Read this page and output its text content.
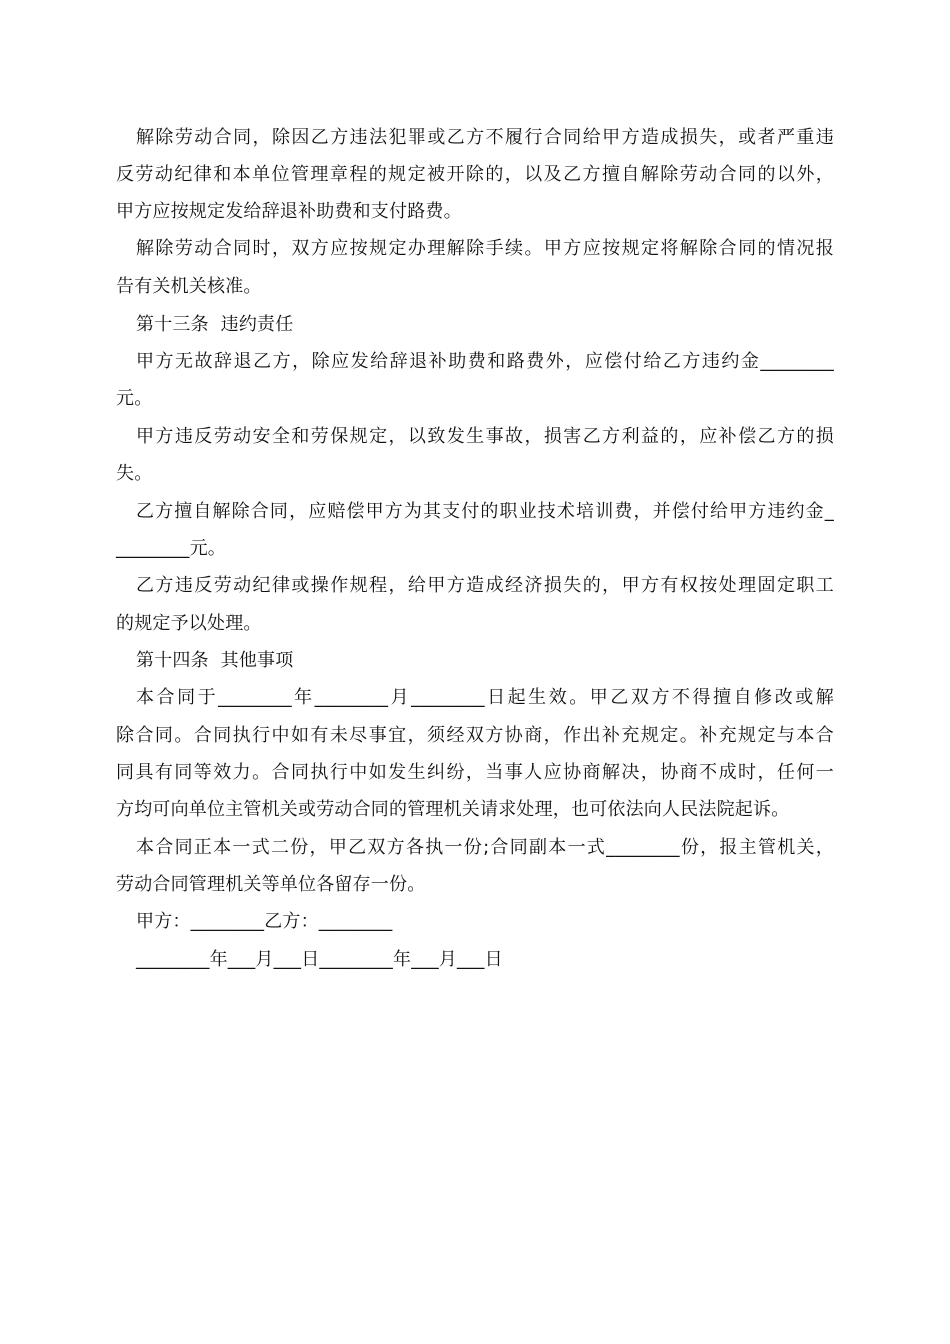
解除劳动合同，除因乙方违法犯罪或乙方不履行合同给甲方造成损失，或者严重违
反劳动纪律和本单位管理章程的规定被开除的，以及乙方擅自解除劳动合同的以外，
甲方应按规定发给辞退补助费和支付路费。
解除劳动合同时，双方应按规定办理解除手续。甲方应按规定将解除合同的情况报
告有关机关核准。
第十三条  违约责任
甲方无故辞退乙方，除应发给辞退补助费和路费外，应偿付给乙方违约金________
元。
甲方违反劳动安全和劳保规定，以致发生事故，损害乙方利益的，应补偿乙方的损
失。
乙方擅自解除合同，应赔偿甲方为其支付的职业技术培训费，并偿付给甲方违约金_
________元。
乙方违反劳动纪律或操作规程，给甲方造成经济损失的，甲方有权按处理固定职工
的规定予以处理。
第十四条  其他事项
本合同于________年________月________日起生效。甲乙双方不得擅自修改或解
除合同。合同执行中如有未尽事宜，须经双方协商，作出补充规定。补充规定与本合
同具有同等效力。合同执行中如发生纠纷，当事人应协商解决，协商不成时，任何一
方均可向单位主管机关或劳动合同的管理机关请求处理，也可依法向人民法院起诉。
本合同正本一式二份，甲乙双方各执一份;合同副本一式________份，报主管机关，
劳动合同管理机关等单位各留存一份。
甲方：________乙方：________
________年___月___日________年___月___日
